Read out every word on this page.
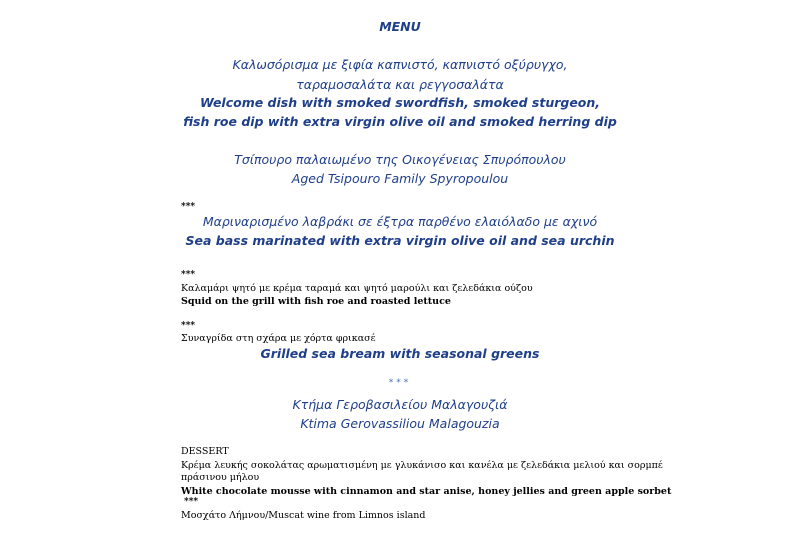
MENU
Καλωσόρισμα με ξιφία καπνιστό, καπνιστό οξύρυγχο,
ταραμοσαλάτα και ρεγγοσαλάτα
Welcome dish with smoked swordfish, smoked sturgeon,
fish roe dip with extra virgin olive oil and smoked herring dip
Τσίπουρο παλαιωμένο της Οικογένειας Σπυρόπουλου
Aged Tsipouro Family Spyropoulou
***
Μαριναρισμένο λαβράκι σε έξτρα παρθένο ελαιόλαδο με αχινό
Sea bass marinated with extra virgin olive oil and sea urchin
***
Καλαμάρι ψητό με κρέμα ταραμά και ψητό μαρούλι και ζελεδάκια ούζου
Squid on the grill with fish roe and roasted lettuce
***
Συναγρίδα στη σχάρα με χόρτα φρικασέ
Grilled sea bream with seasonal greens
***
Κτήμα Γεροβασιλείου Μαλαγουζιά
Ktima Gerovassiliou Malagouzia
DESSERT
Κρέμα λευκής σοκολάτας αρωματισμένη με γλυκάνισο και κανέλα με ζελεδάκια μελιού και σορμπέ
πράσινου μήλου
White chocolate mousse with cinnamon and star anise, honey jellies and green apple sorbet
***
Μοσχάτο Λήμνου/Muscat wine from Limnos island
